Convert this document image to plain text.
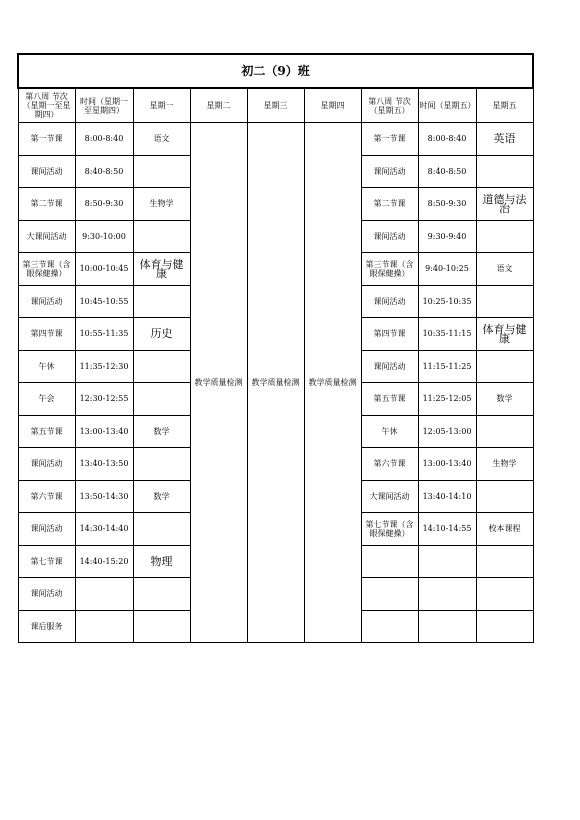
初二（9）班								
第八周 节次（星期一至星期四）	时间（星期一至星期四）	星期一	星期二	星期三	星期四	第八周 节次（星期五）	时间（星期五）	星期五
第一节课	8:00-8:40	语文	教学质量检测	教学质量检测	教学质量检测	第一节课	8:00-8:40	英语
课间活动	8:40-8:50					课间活动	8:40-8:50	
第二节课	8:50-9:30	生物学				第二节课	8:50-9:30	道德与法治
大课间活动	9:30-10:00					课间活动	9:30-9:40	
第三节课（含眼保健操）	10:00-10:45	体育与健康				第三节课（含眼保健操）	9:40-10:25	语文
课间活动	10:45-10:55					课间活动	10:25-10:35	
第四节课	10:55-11:35	历史				第四节课	10:35-11:15	体育与健康
午休	11:35-12:30					课间活动	11:15-11:25	
午会	12:30-12:55					第五节课	11:25-12:05	数学
第五节课	13:00-13:40	数学				午休	12:05-13:00	
课间活动	13:40-13:50					第六节课	13:00-13:40	生物学
第六节课	13:50-14:30	数学				大课间活动	13:40-14:10	
课间活动	14:30-14:40					第七节课（含眼保健操）	14:10-14:55	校本课程
第七节课	14:40-15:20	物理						
课间活动								
课后服务								
